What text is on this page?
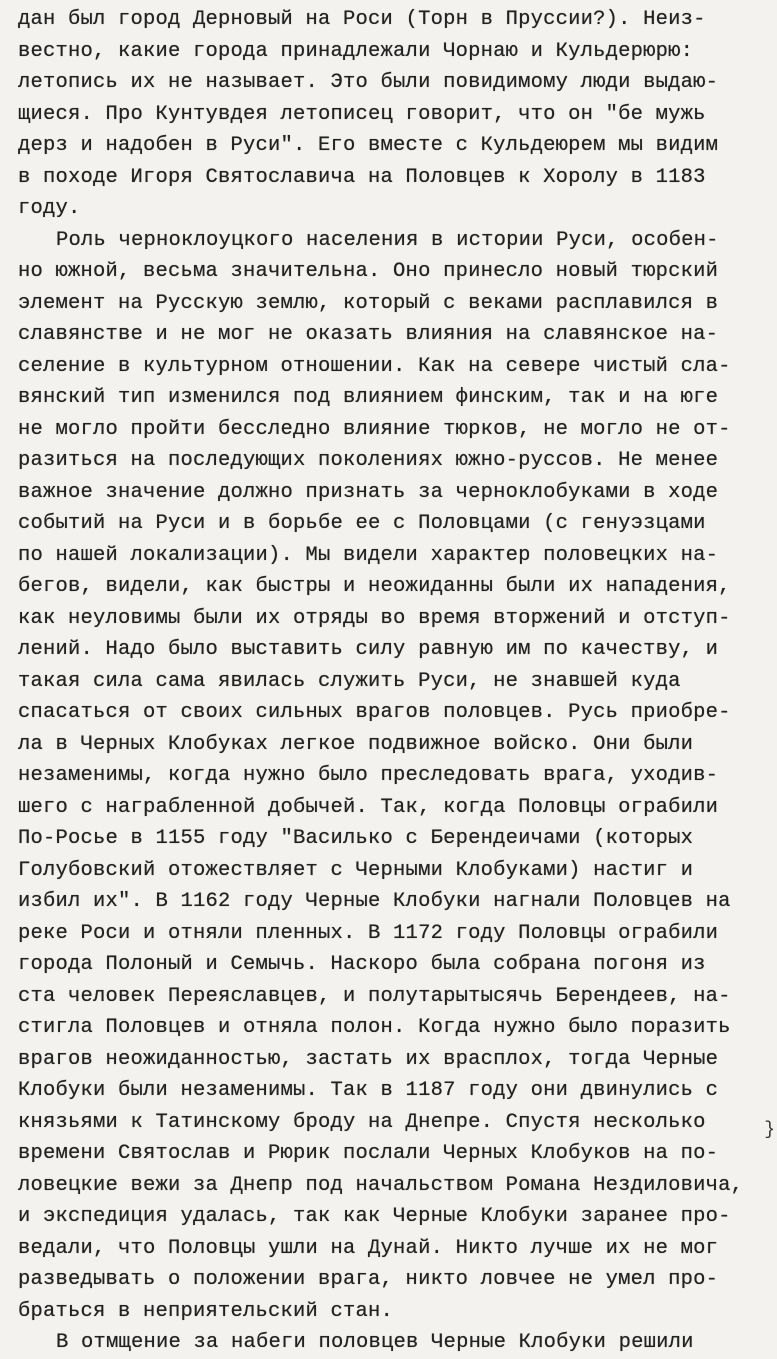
дан был город Дерновый на Роси (Торн в Пруссии?). Неиз-
вестно, какие города принадлежали Чорнаю и Кульдерюрю:
летопись их не называет. Это были повидимому люди выдаю-
щиеся. Про Кунтувдея летописец говорит, что он "бе мужь
дерз и надобен в Руси". Его вместе с Кульдеюрем мы видим
в походе Игоря Святославича на Половцев к Хоролу в 1183
году.
Роль черноклоуцкого населения в истории Руси, особен-
но южной, весьма значительна. Оно принесло новый тюрский
элемент на Русскую землю, который с веками расплавился в
славянстве и не мог не оказать влияния на славянское на-
селение в культурном отношении. Как на севере чистый сла-
вянский тип изменился под влиянием финским, так и на юге
не могло пройти бесследно влияние тюрков, не могло не от-
разиться на последующих поколениях южно-руссов. Не менее
важное значение должно признать за черноклобуками в ходе
событий на Руси и в борьбе ее с Половцами (с генуэзцами
по нашей локализации). Мы видели характер половецких на-
бегов, видели, как быстры и неожиданны были их нападения,
как неуловимы были их отряды во время вторжений и отступ-
лений. Надо было выставить силу равную им по качеству, и
такая сила сама явилась служить Руси, не знавшей куда
спасаться от своих сильных врагов половцев. Русь приобре-
ла в Черных Клобуках легкое подвижное войско. Они были
незаменимы, когда нужно было преследовать врага, уходив-
шего с награбленной добычей. Так, когда Половцы ограбили
По-Росье в 1155 году "Василько с Берендеичами (которых
Голубовский отожествляет с Черными Клобуками) настиг и
избил их". В 1162 году Черные Клобуки нагнали Половцев на
реке Роси и отняли пленных. В 1172 году Половцы ограбили
города Полоный и Семычь. Наскоро была собрана погоня из
ста человек Переяславцев, и полутарытысячь Берендеев, на-
стигла Половцев и отняла полон. Когда нужно было поразить
врагов неожиданностью, застать их врасплох, тогда Черные
Клобуки были незаменимы. Так в 1187 году они двинулись с
князьями к Татинскому броду на Днепре. Спустя несколько
времени Святослав и Рюрик послали Черных Клобуков на по-
ловецкие вежи за Днепр под начальством Романа Нездиловича,
и экспедиция удалась, так как Черные Клобуки заранее про-
ведали, что Половцы ушли на Дунай. Никто лучше их не мог
разведывать о положении врага, никто ловчее не умел про-
браться в неприятельский стан.
В отмщение за набеги половцев Черные Клобуки решили
}
